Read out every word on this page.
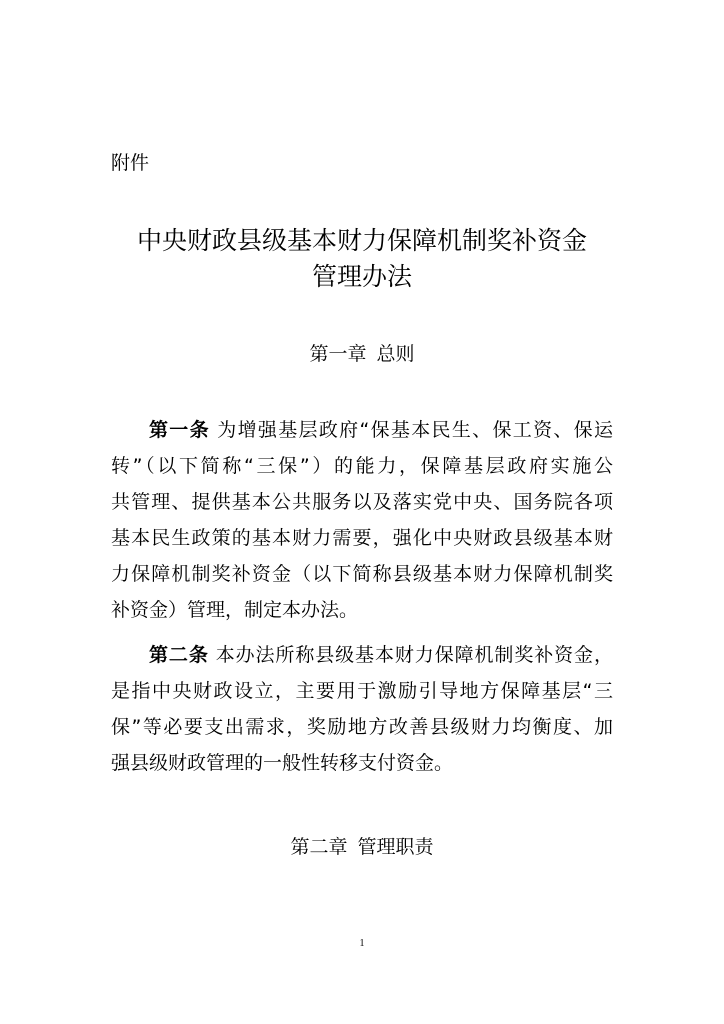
附件
中央财政县级基本财力保障机制奖补资金
管理办法
第一章 总则
第一条 为增强基层政府“保基本民生、保工资、保运
转”（以下简称“三保”）的能力，保障基层政府实施公
共管理、提供基本公共服务以及落实党中央、国务院各项
基本民生政策的基本财力需要，强化中央财政县级基本财
力保障机制奖补资金（以下简称县级基本财力保障机制奖
补资金）管理，制定本办法。
第二条 本办法所称县级基本财力保障机制奖补资金，
是指中央财政设立，主要用于激励引导地方保障基层“三
保”等必要支出需求，奖励地方改善县级财力均衡度、加
强县级财政管理的一般性转移支付资金。
第二章 管理职责
1
